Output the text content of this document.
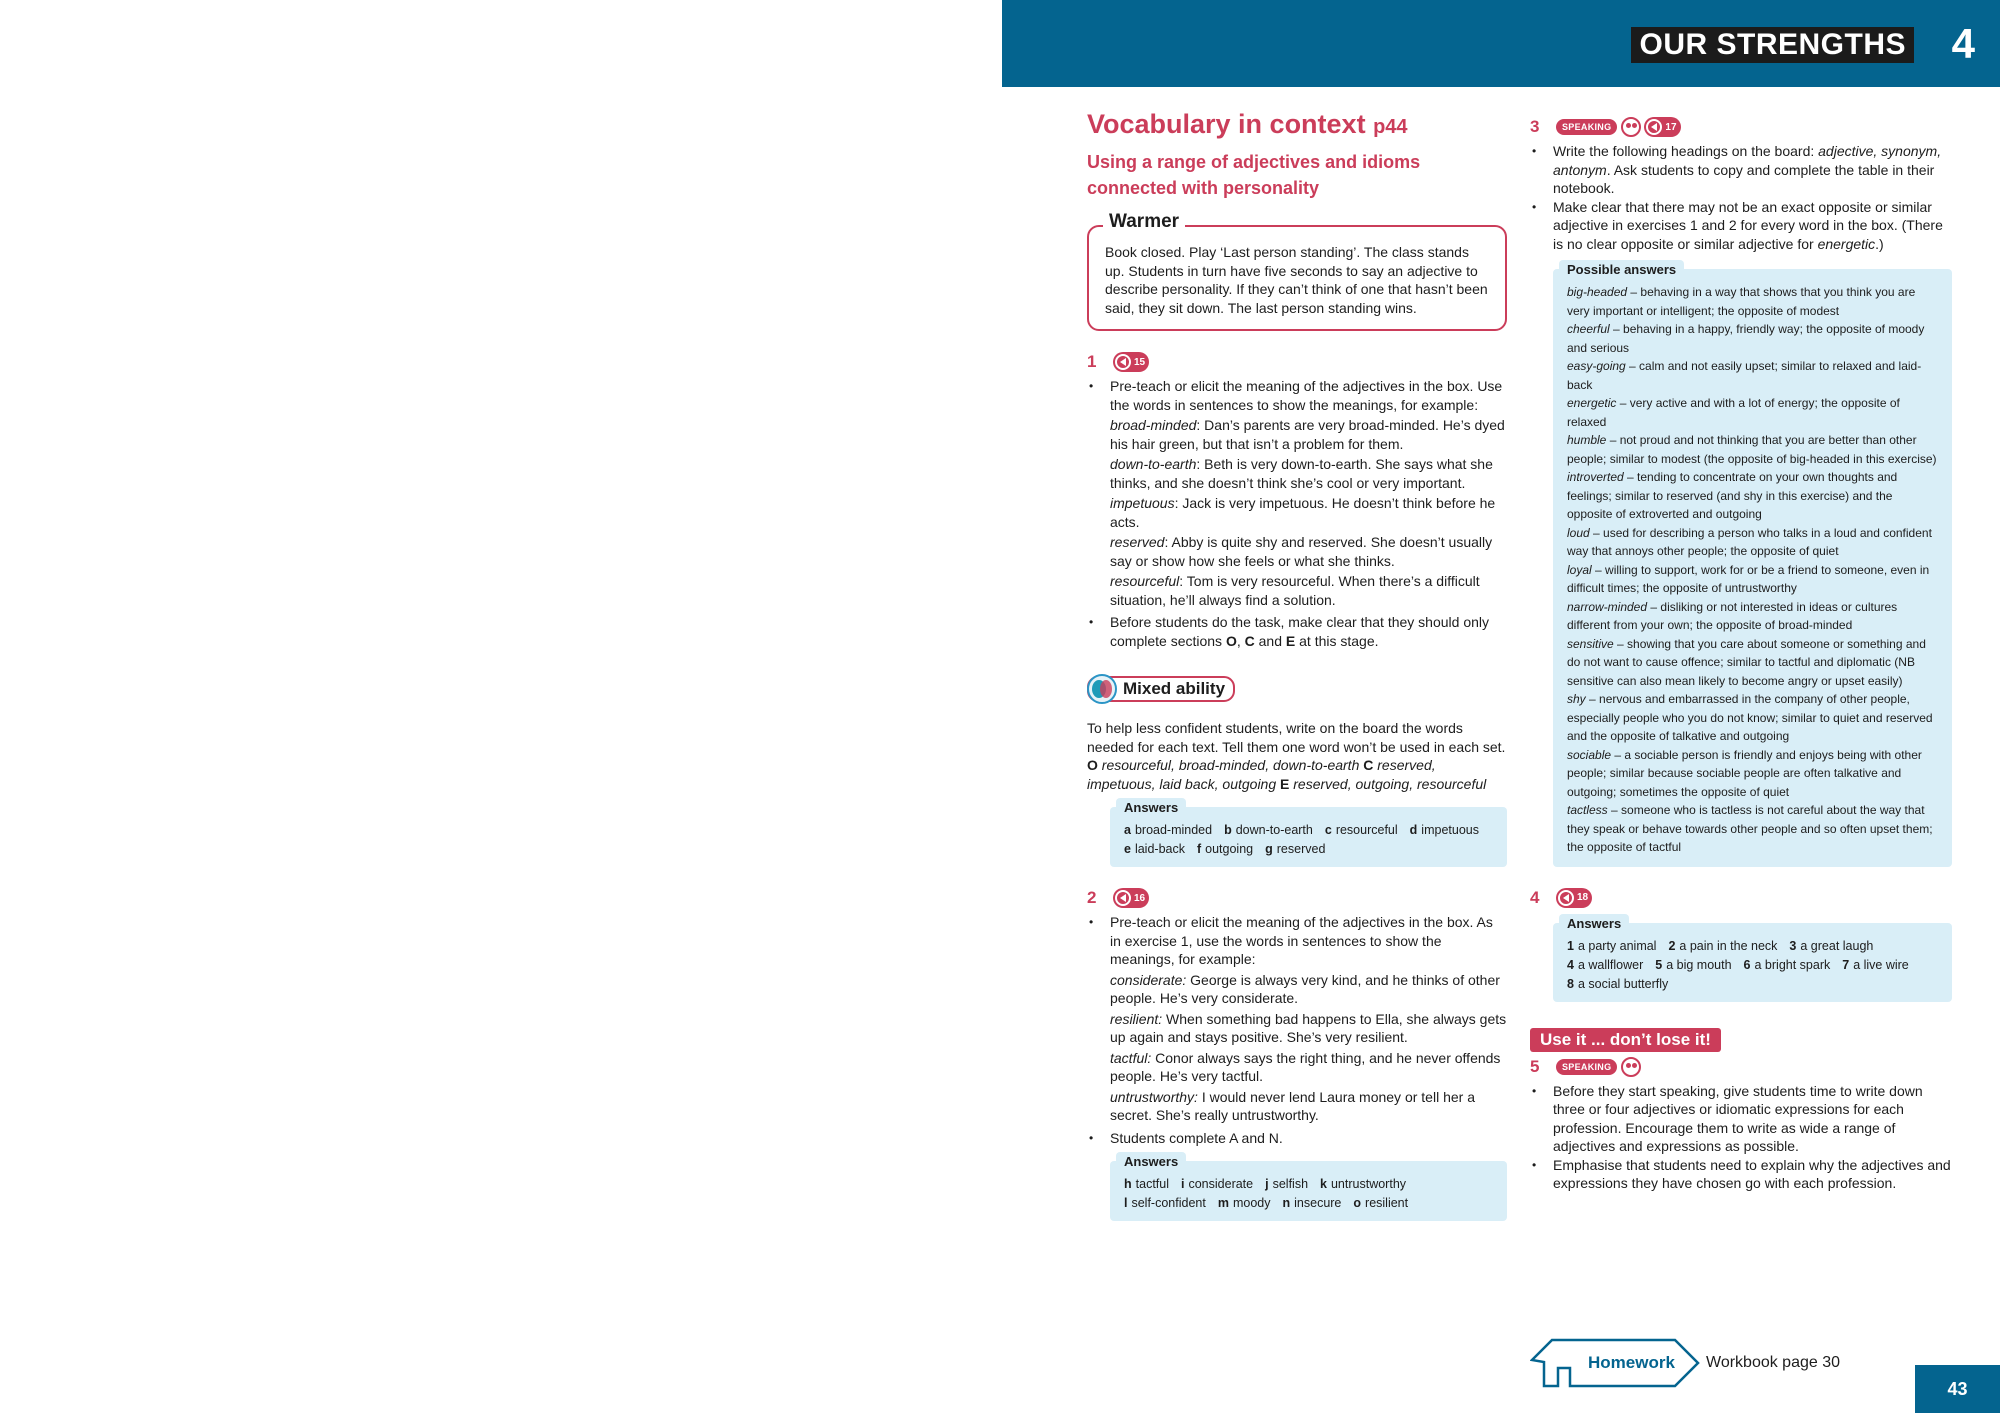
OUR STRENGTHS 4
Vocabulary in context p44
Using a range of adjectives and idioms
connected with personality
Warmer
Book closed. Play ‘Last person standing’. The class stands up. Students in turn have five seconds to say an adjective to describe personality. If they can’t think of one that hasn’t been said, they sit down. The last person standing wins.
1	15
• Pre-teach or elicit the meaning of the adjectives in the box. Use the words in sentences to show the meanings, for example:
broad-minded: Dan’s parents are very broad-minded. He’s dyed his hair green, but that isn’t a problem for them.
down-to-earth: Beth is very down-to-earth. She says what she thinks, and she doesn’t think she’s cool or very important.
impetuous: Jack is very impetuous. He doesn’t think before he acts.
reserved: Abby is quite shy and reserved. She doesn’t usually say or show how she feels or what she thinks.
resourceful: Tom is very resourceful. When there’s a difficult situation, he’ll always find a solution.
• Before students do the task, make clear that they should only complete sections O, C and E at this stage.
Mixed ability
To help less confident students, write on the board the words needed for each text. Tell them one word won’t be used in each set.
O resourceful, broad-minded, down-to-earth C reserved, impetuous, laid back, outgoing E reserved, outgoing, resourceful
Answers
a broad-minded b down-to-earth c resourceful d impetuous
e laid-back f outgoing g reserved
2	16
• Pre-teach or elicit the meaning of the adjectives in the box. As in exercise 1, use the words in sentences to show the meanings, for example:
considerate: George is always very kind, and he thinks of other people. He’s very considerate.
resilient: When something bad happens to Ella, she always gets up again and stays positive. She’s very resilient.
tactful: Conor always says the right thing, and he never offends people. He’s very tactful.
untrustworthy: I would never lend Laura money or tell her a secret. She’s really untrustworthy.
• Students complete A and N.
Answers
h tactful i considerate j selfish k untrustworthy
l self-confident m moody n insecure o resilient
3	SPEAKING	17
• Write the following headings on the board: adjective, synonym, antonym. Ask students to copy and complete the table in their notebook.
• Make clear that there may not be an exact opposite or similar adjective in exercises 1 and 2 for every word in the box. (There is no clear opposite or similar adjective for energetic.)
Possible answers
big-headed – behaving in a way that shows that you think you are very important or intelligent; the opposite of modest
cheerful – behaving in a happy, friendly way; the opposite of moody and serious
easy-going – calm and not easily upset; similar to relaxed and laid-back
energetic – very active and with a lot of energy; the opposite of relaxed
humble – not proud and not thinking that you are better than other people; similar to modest (the opposite of big-headed in this exercise)
introverted – tending to concentrate on your own thoughts and feelings; similar to reserved (and shy in this exercise) and the opposite of extroverted and outgoing
loud – used for describing a person who talks in a loud and confident way that annoys other people; the opposite of quiet
loyal – willing to support, work for or be a friend to someone, even in difficult times; the opposite of untrustworthy
narrow-minded – disliking or not interested in ideas or cultures different from your own; the opposite of broad-minded
sensitive – showing that you care about someone or something and do not want to cause offence; similar to tactful and diplomatic (NB sensitive can also mean likely to become angry or upset easily)
shy – nervous and embarrassed in the company of other people, especially people who you do not know; similar to quiet and reserved and the opposite of talkative and outgoing
sociable – a sociable person is friendly and enjoys being with other people; similar because sociable people are often talkative and outgoing; sometimes the opposite of quiet
tactless – someone who is tactless is not careful about the way that they speak or behave towards other people and so often upset them; the opposite of tactful
4	18
Answers
1 a party animal 2 a pain in the neck 3 a great laugh
4 a wallflower 5 a big mouth 6 a bright spark 7 a live wire
8 a social butterfly
Use it ... don’t lose it!
5	SPEAKING
• Before they start speaking, give students time to write down three or four adjectives or idiomatic expressions for each profession. Encourage them to write as wide a range of adjectives and expressions as possible.
• Emphasise that students need to explain why the adjectives and expressions they have chosen go with each profession.
Homework Workbook page 30
43
